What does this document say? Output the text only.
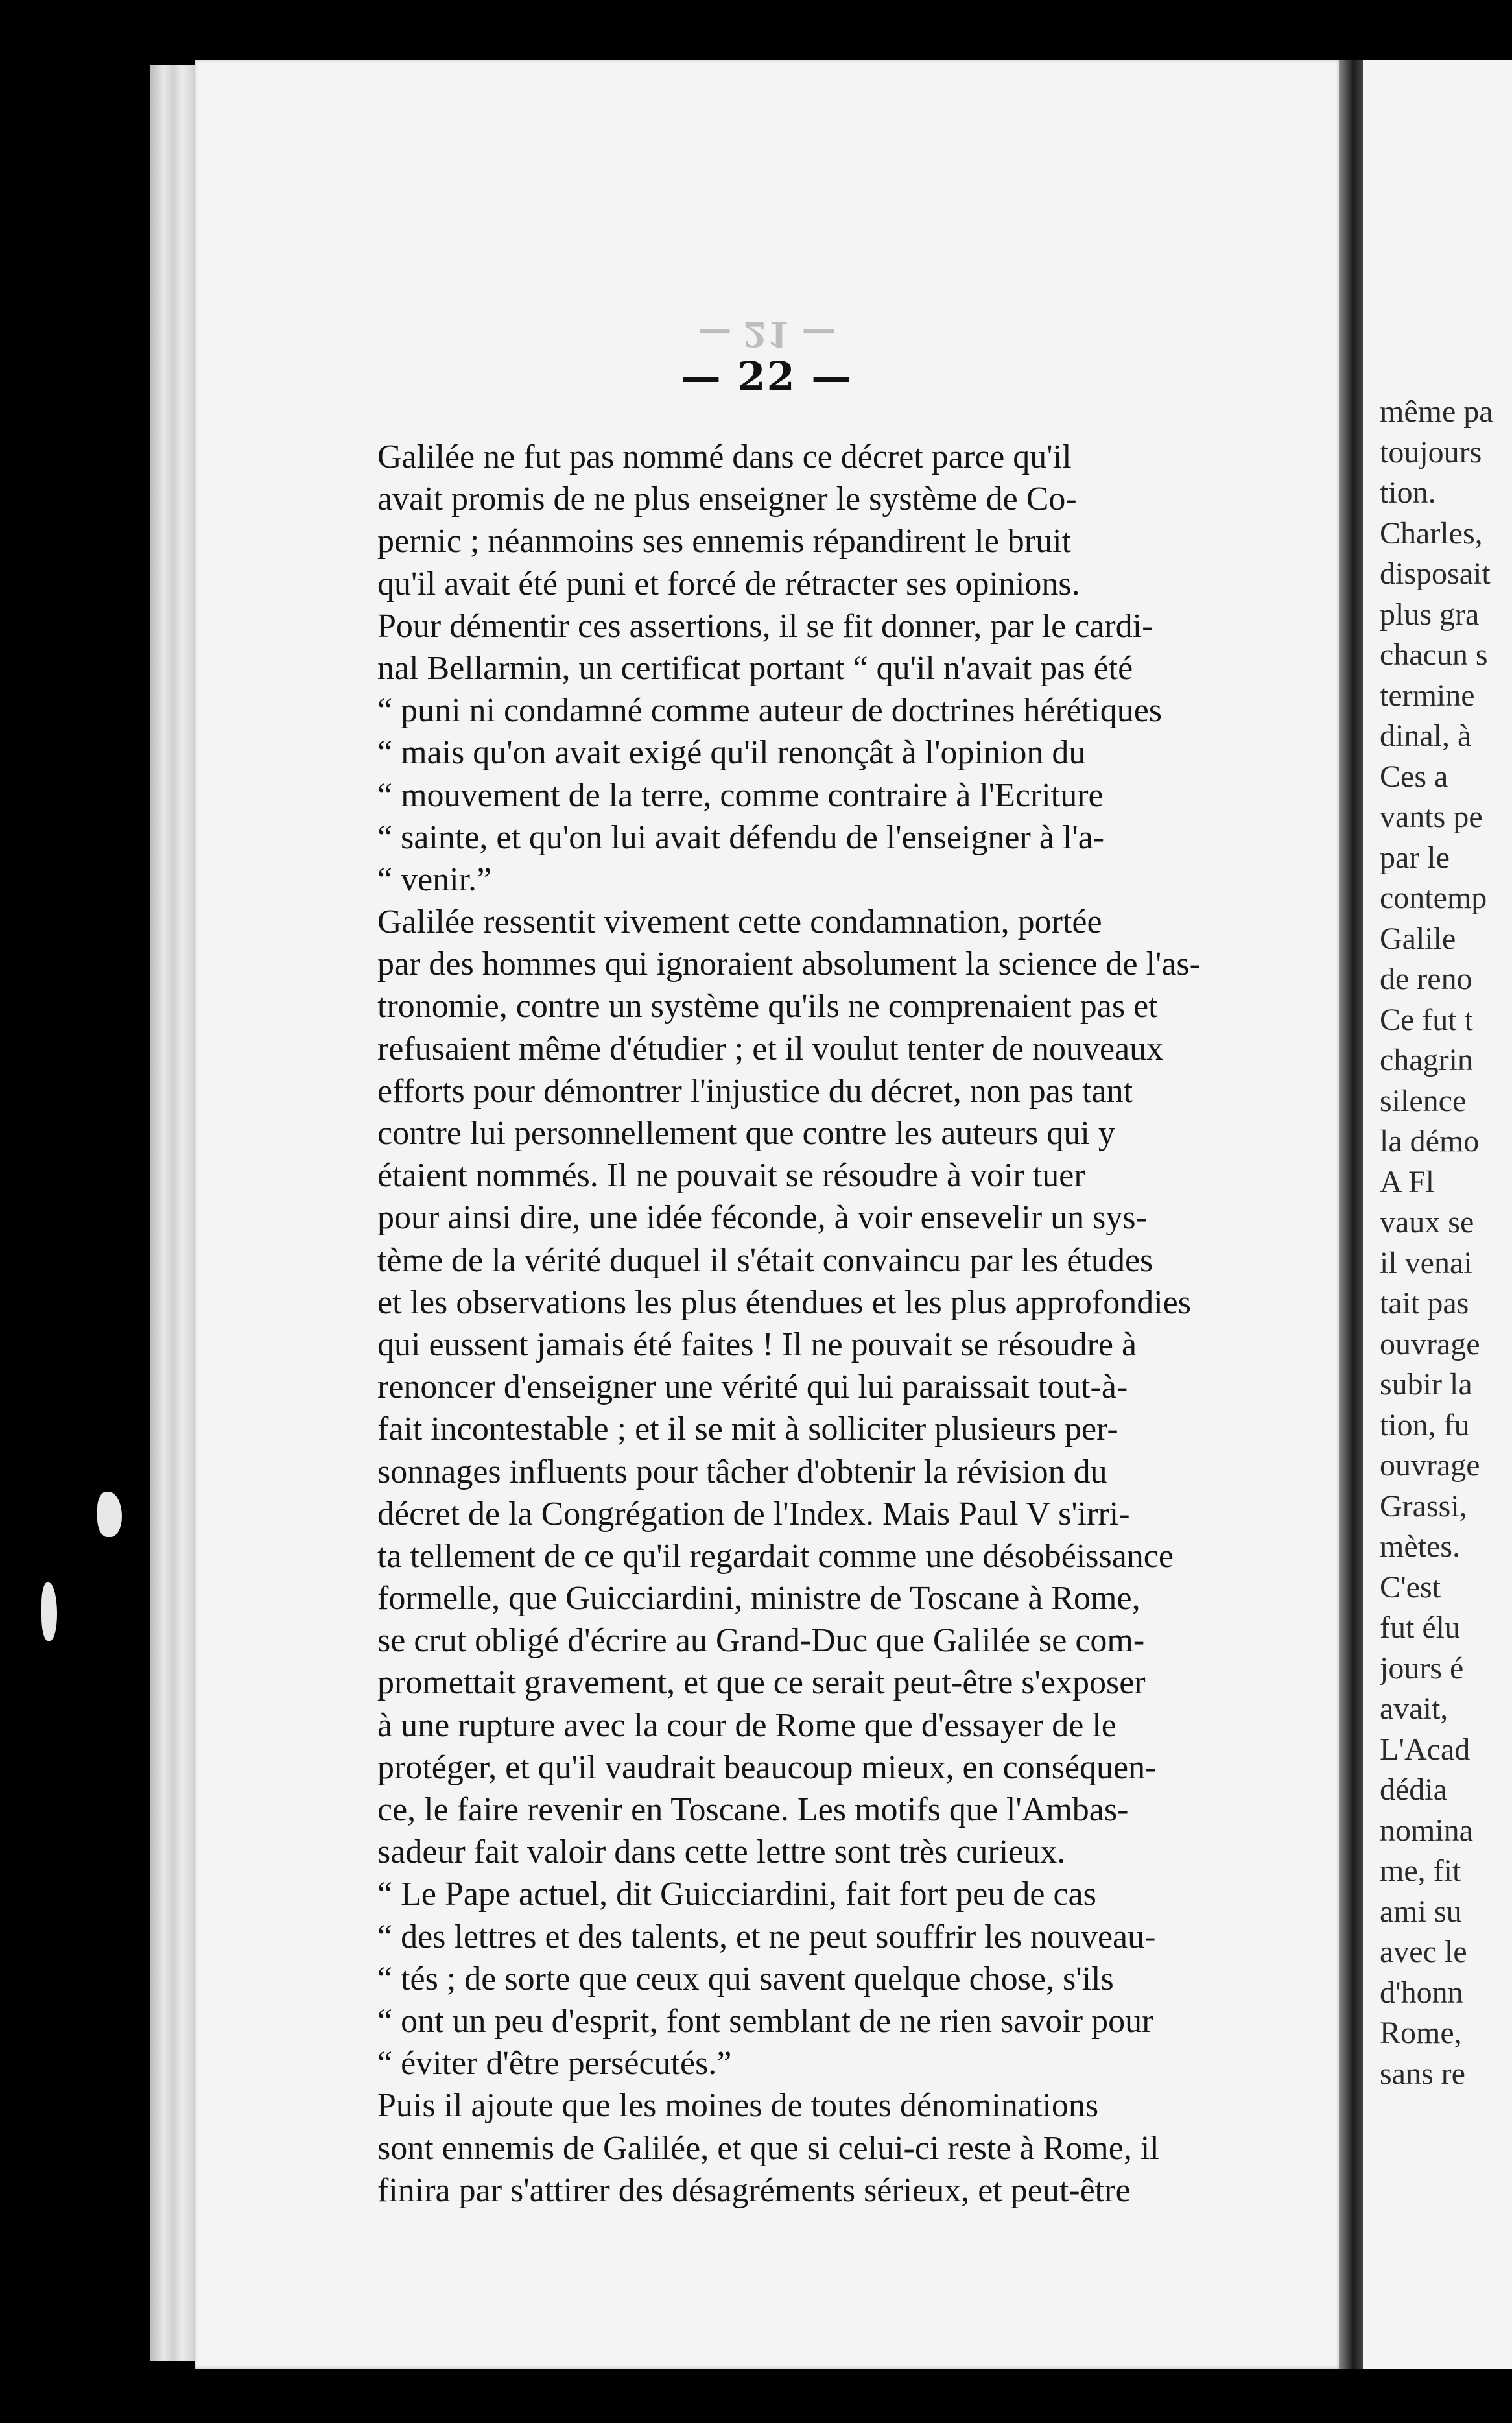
— 21 —
— 22 —
Galilée ne fut pas nommé dans ce décret parce qu'il
avait promis de ne plus enseigner le système de Co-
pernic ; néanmoins ses ennemis répandirent le bruit
qu'il avait été puni et forcé de rétracter ses opinions.
Pour démentir ces assertions, il se fit donner, par le cardi-
nal Bellarmin, un certificat portant “ qu'il n'avait pas été
“ puni ni condamné comme auteur de doctrines hérétiques
“ mais qu'on avait exigé qu'il renonçât à l'opinion du
“ mouvement de la terre, comme contraire à l'Ecriture
“ sainte, et qu'on lui avait défendu de l'enseigner à l'a-
“ venir.”
Galilée ressentit vivement cette condamnation, portée
par des hommes qui ignoraient absolument la science de l'as-
tronomie, contre un système qu'ils ne comprenaient pas et
refusaient même d'étudier ; et il voulut tenter de nouveaux
efforts pour démontrer l'injustice du décret, non pas tant
contre lui personnellement que contre les auteurs qui y
étaient nommés. Il ne pouvait se résoudre à voir tuer
pour ainsi dire, une idée féconde, à voir ensevelir un sys-
tème de la vérité duquel il s'était convaincu par les études
et les observations les plus étendues et les plus approfondies
qui eussent jamais été faites ! Il ne pouvait se résoudre à
renoncer d'enseigner une vérité qui lui paraissait tout-à-
fait incontestable ; et il se mit à solliciter plusieurs per-
sonnages influents pour tâcher d'obtenir la révision du
décret de la Congrégation de l'Index. Mais Paul V s'irri-
ta tellement de ce qu'il regardait comme une désobéissance
formelle, que Guicciardini, ministre de Toscane à Rome,
se crut obligé d'écrire au Grand-Duc que Galilée se com-
promettait gravement, et que ce serait peut-être s'exposer
à une rupture avec la cour de Rome que d'essayer de le
protéger, et qu'il vaudrait beaucoup mieux, en conséquen-
ce, le faire revenir en Toscane. Les motifs que l'Ambas-
sadeur fait valoir dans cette lettre sont très curieux.
“ Le Pape actuel, dit Guicciardini, fait fort peu de cas
“ des lettres et des talents, et ne peut souffrir les nouveau-
“ tés ; de sorte que ceux qui savent quelque chose, s'ils
“ ont un peu d'esprit, font semblant de ne rien savoir pour
“ éviter d'être persécutés.”
Puis il ajoute que les moines de toutes dénominations
sont ennemis de Galilée, et que si celui-ci reste à Rome, il
finira par s'attirer des désagréments sérieux, et peut-être
même pa
toujours
tion.
Charles,
disposait
plus gra
chacun s
termine
dinal, à
Ces a
vants pe
par le
contemp
Galile
de reno
Ce fut t
chagrin
silence
la démo
A Fl
vaux se
il venai
tait pas
ouvrage
subir la
tion, fu
ouvrage
Grassi,
mètes.
C'est
fut élu
jours é
avait,
L'Acad
dédia
nomina
me, fit
ami su
avec le
d'honn
Rome,
sans re
